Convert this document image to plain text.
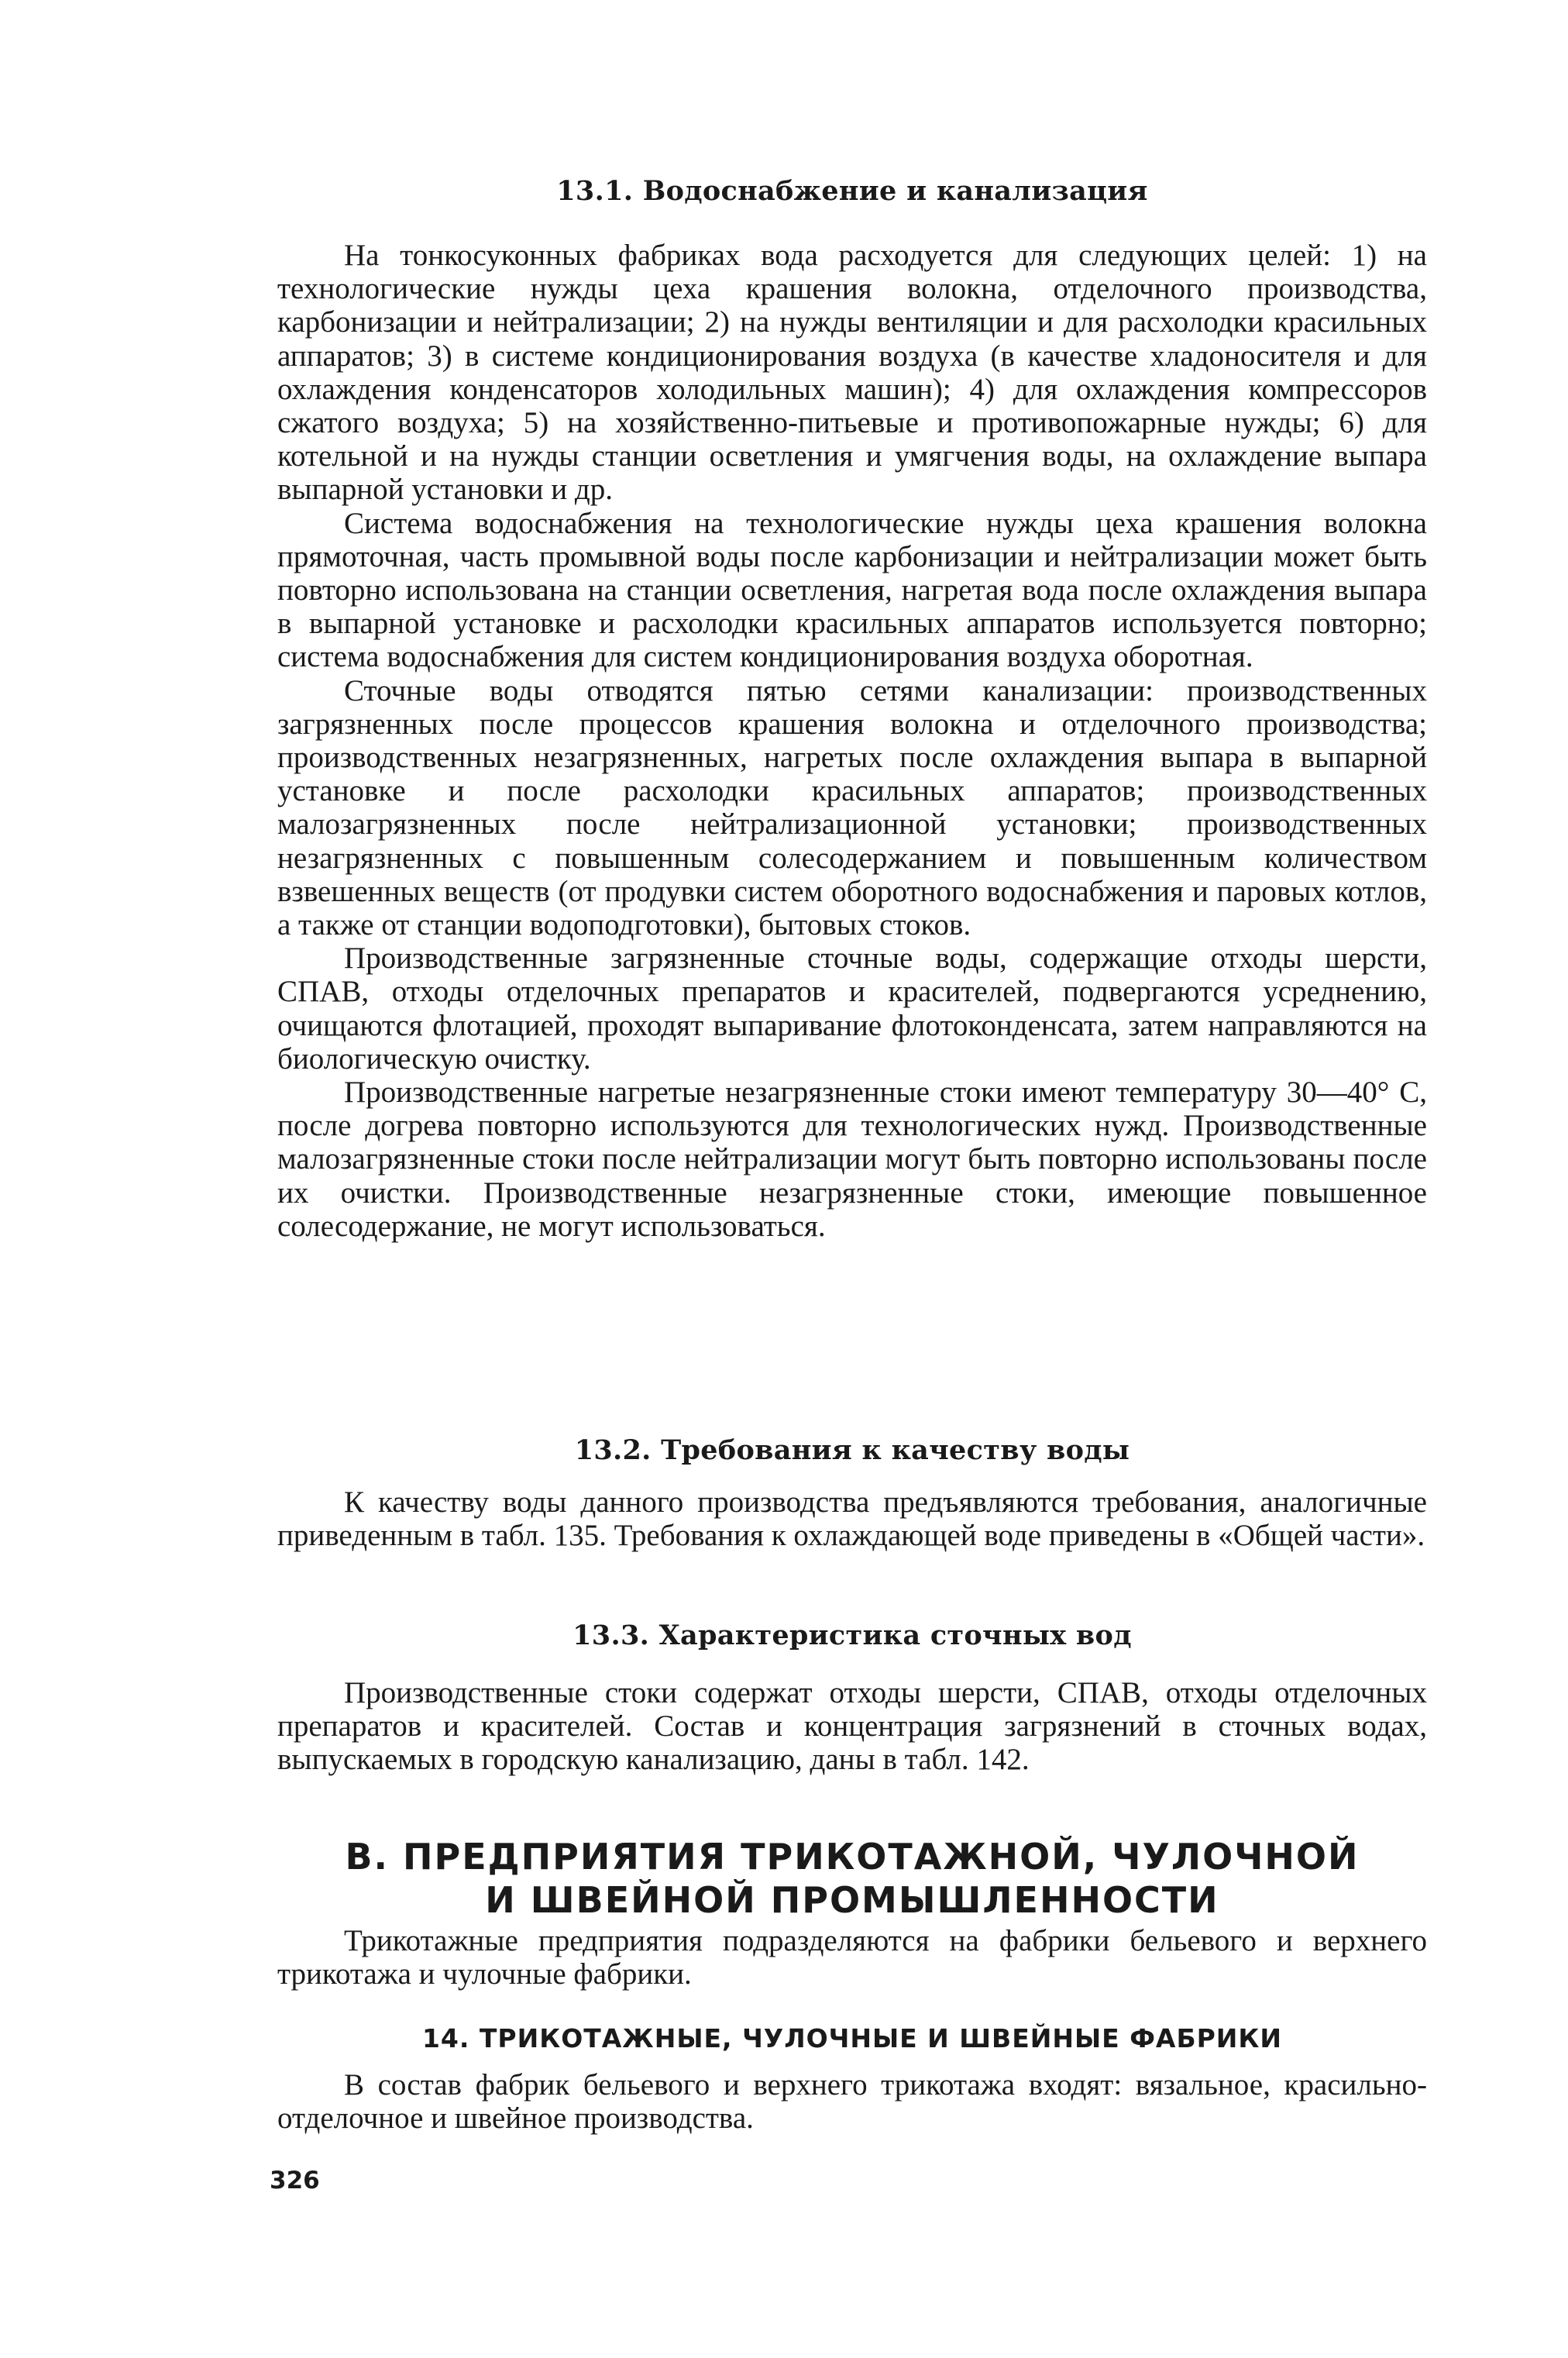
13.1. Водоснабжение и канализация

На тонкосуконных фабриках вода расходуется для следующих целей: 1) на технологические нужды цеха крашения волокна, отделочного производства, карбонизации и нейтрализации; 2) на нужды вентиляции и для расхолодки красильных аппаратов; 3) в системе кондиционирования воздуха (в качестве хладоносителя и для охлаждения конденсаторов холодильных машин); 4) для охлаждения компрессоров сжатого воздуха; 5) на хозяйственно-питьевые и противопожарные нужды; 6) для котельной и на нужды станции осветления и умягчения воды, на охлаждение выпара выпарной установки и др.

Система водоснабжения на технологические нужды цеха крашения волокна прямоточная, часть промывной воды после карбонизации и нейтрализации может быть повторно использована на станции осветления, нагретая вода после охлаждения выпара в выпарной установке и расхолодки красильных аппаратов используется повторно; система водоснабжения для систем кондиционирования воздуха оборотная.

Сточные воды отводятся пятью сетями канализации: производственных загрязненных после процессов крашения волокна и отделочного производства; производственных незагрязненных, нагретых после охлаждения выпара в выпарной установке и после расхолодки красильных аппаратов; производственных малозагрязненных после нейтрализационной установки; производственных незагрязненных с повышенным солесодержанием и повышенным количеством взвешенных веществ (от продувки систем оборотного водоснабжения и паровых котлов, а также от станции водоподготовки), бытовых стоков.

Производственные загрязненные сточные воды, содержащие отходы шерсти, СПАВ, отходы отделочных препаратов и красителей, подвергаются усреднению, очищаются флотацией, проходят выпаривание флотоконденсата, затем направляются на биологическую очистку.

Производственные нагретые незагрязненные стоки имеют температуру 30—40° С, после догрева повторно используются для технологических нужд. Производственные малозагрязненные стоки после нейтрализации могут быть повторно использованы после их очистки. Производственные незагрязненные стоки, имеющие повышенное солесодержание, не могут использоваться.

13.2. Требования к качеству воды

К качеству воды данного производства предъявляются требования, аналогичные приведенным в табл. 135. Требования к охлаждающей воде приведены в «Общей части».

13.3. Характеристика сточных вод

Производственные стоки содержат отходы шерсти, СПАВ, отходы отделочных препаратов и красителей. Состав и концентрация загрязнений в сточных водах, выпускаемых в городскую канализацию, даны в табл. 142.

В. ПРЕДПРИЯТИЯ ТРИКОТАЖНОЙ, ЧУЛОЧНОЙ
И ШВЕЙНОЙ ПРОМЫШЛЕННОСТИ

Трикотажные предприятия подразделяются на фабрики бельевого и верхнего трикотажа и чулочные фабрики.

14. ТРИКОТАЖНЫЕ, ЧУЛОЧНЫЕ И ШВЕЙНЫЕ ФАБРИКИ

В состав фабрик бельевого и верхнего трикотажа входят: вязальное, красильно-отделочное и швейное производства.

326
